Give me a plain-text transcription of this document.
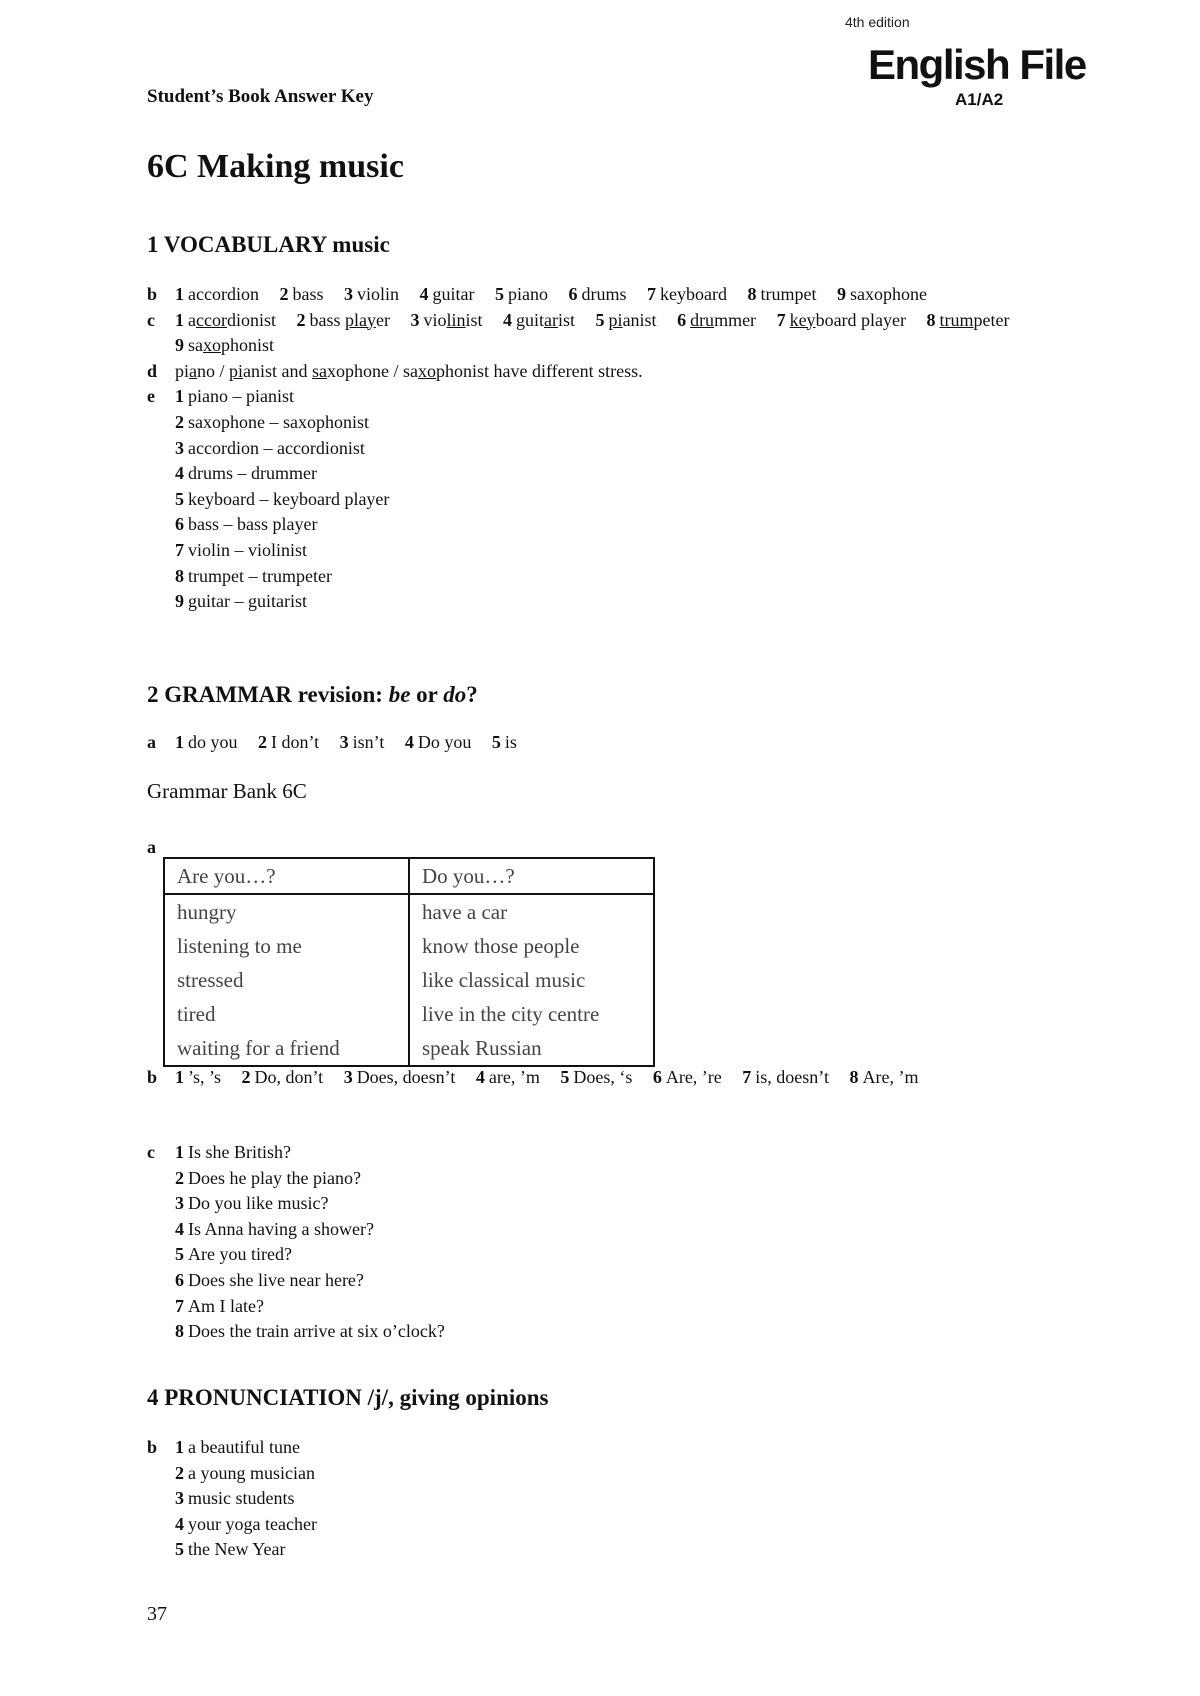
4th edition
English File
A1/A2
Student’s Book Answer Key
6C Making music
1 VOCABULARY music
b 1 accordion 2 bass 3 violin 4 guitar 5 piano 6 drums 7 keyboard 8 trumpet 9 saxophone
c	1 accordionist 2 bass player 3 violinist 4 guitarist 5 pianist 6 drummer 7 keyboard player 8 trumpeter 9 saxophonist
d piano / pianist and saxophone / saxophonist have different stress.
e	1 piano – pianist
2 saxophone – saxophonist
3 accordion – accordionist
4 drums – drummer
5 keyboard – keyboard player
6 bass – bass player
7 violin – violinist
8 trumpet – trumpeter
9 guitar – guitarist
2 GRAMMAR revision: be or do?
a	1 do you 2 I don’t 3 isn’t 4 Do you 5 is
Grammar Bank 6C
a
Are you…?	Do you…?
hungry	have a car
listening to me	know those people
stressed	like classical music
tired	live in the city centre
waiting for a friend	speak Russian
b 1 ’s, ’s 2 Do, don’t 3 Does, doesn’t 4 are, ’m 5 Does, ‘s 6 Are, ’re 7 is, doesn’t 8 Are, ’m
c	1 Is she British?
2 Does he play the piano?
3 Do you like music?
4 Is Anna having a shower?
5 Are you tired?
6 Does she live near here?
7 Am I late?
8 Does the train arrive at six o’clock?
4 PRONUNCIATION /j/, giving opinions
b 1 a beautiful tune
2 a young musician
3 music students
4 your yoga teacher
5 the New Year
37
